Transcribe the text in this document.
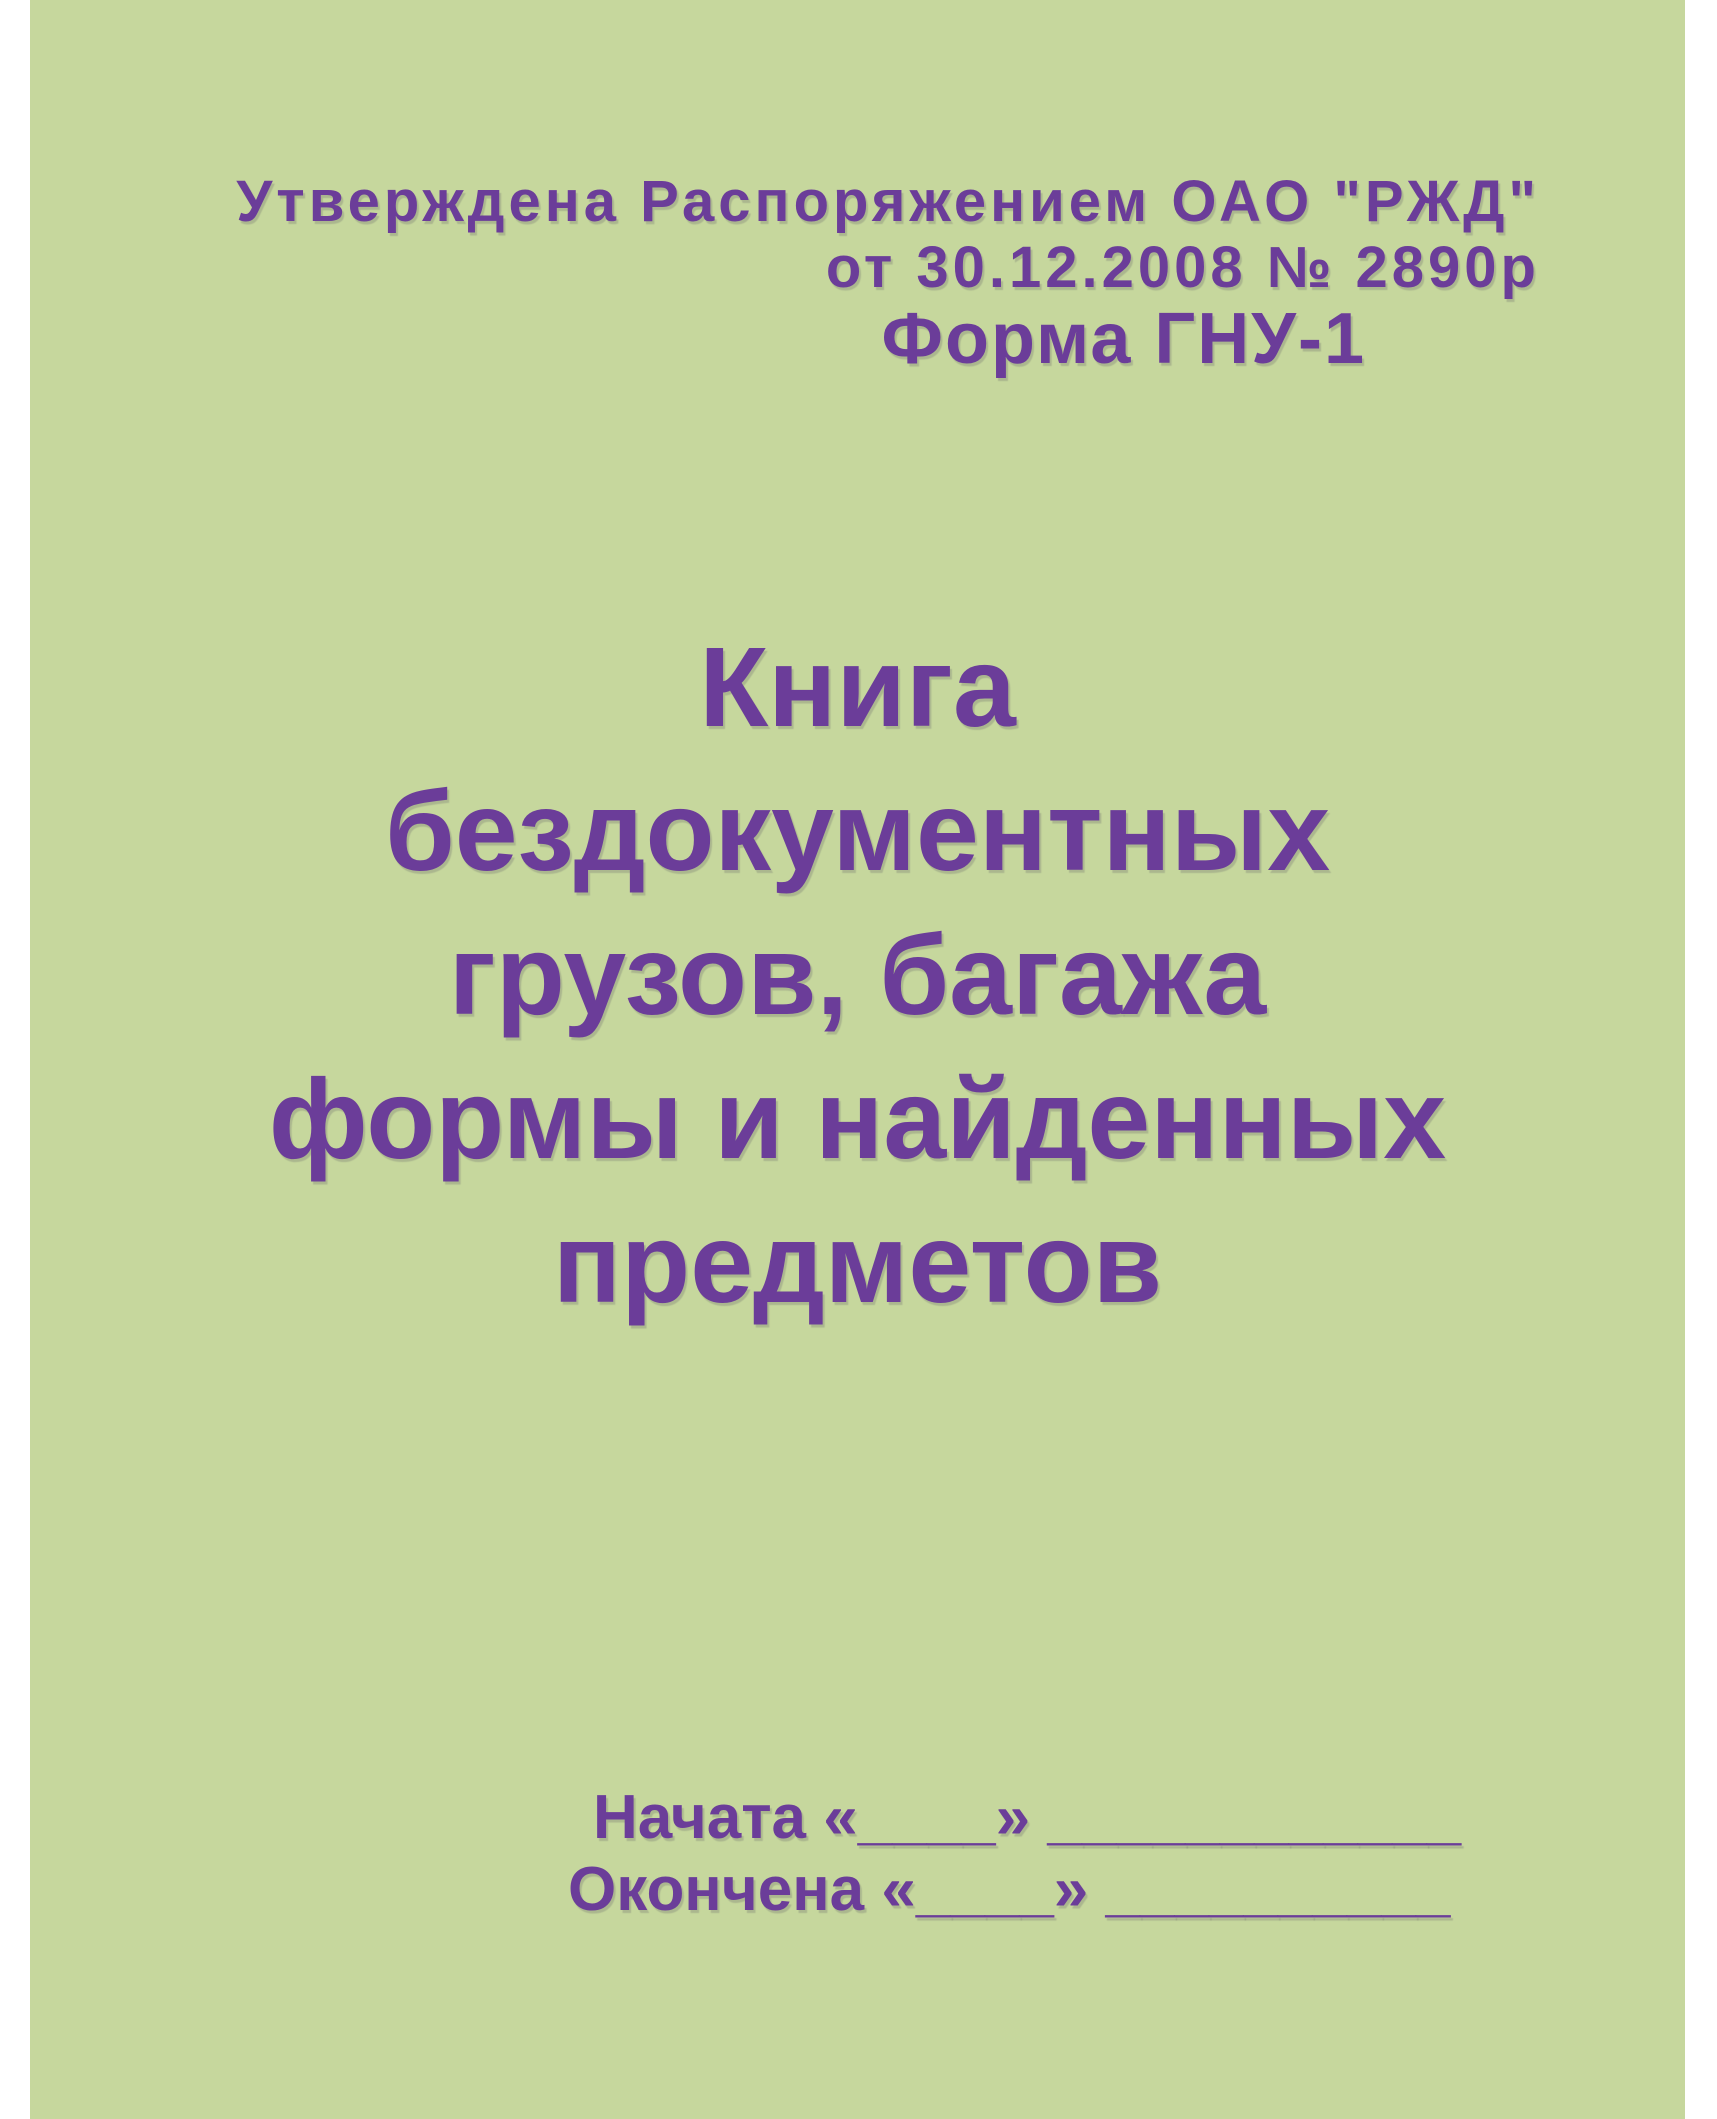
Утверждена Распоряжением ОАО "РЖД"
от 30.12.2008 № 2890р
Форма ГНУ-1
Книга
бездокументных
грузов, багажа
формы и найденных
предметов
Начата «____» ____________
Окончена «____» __________
